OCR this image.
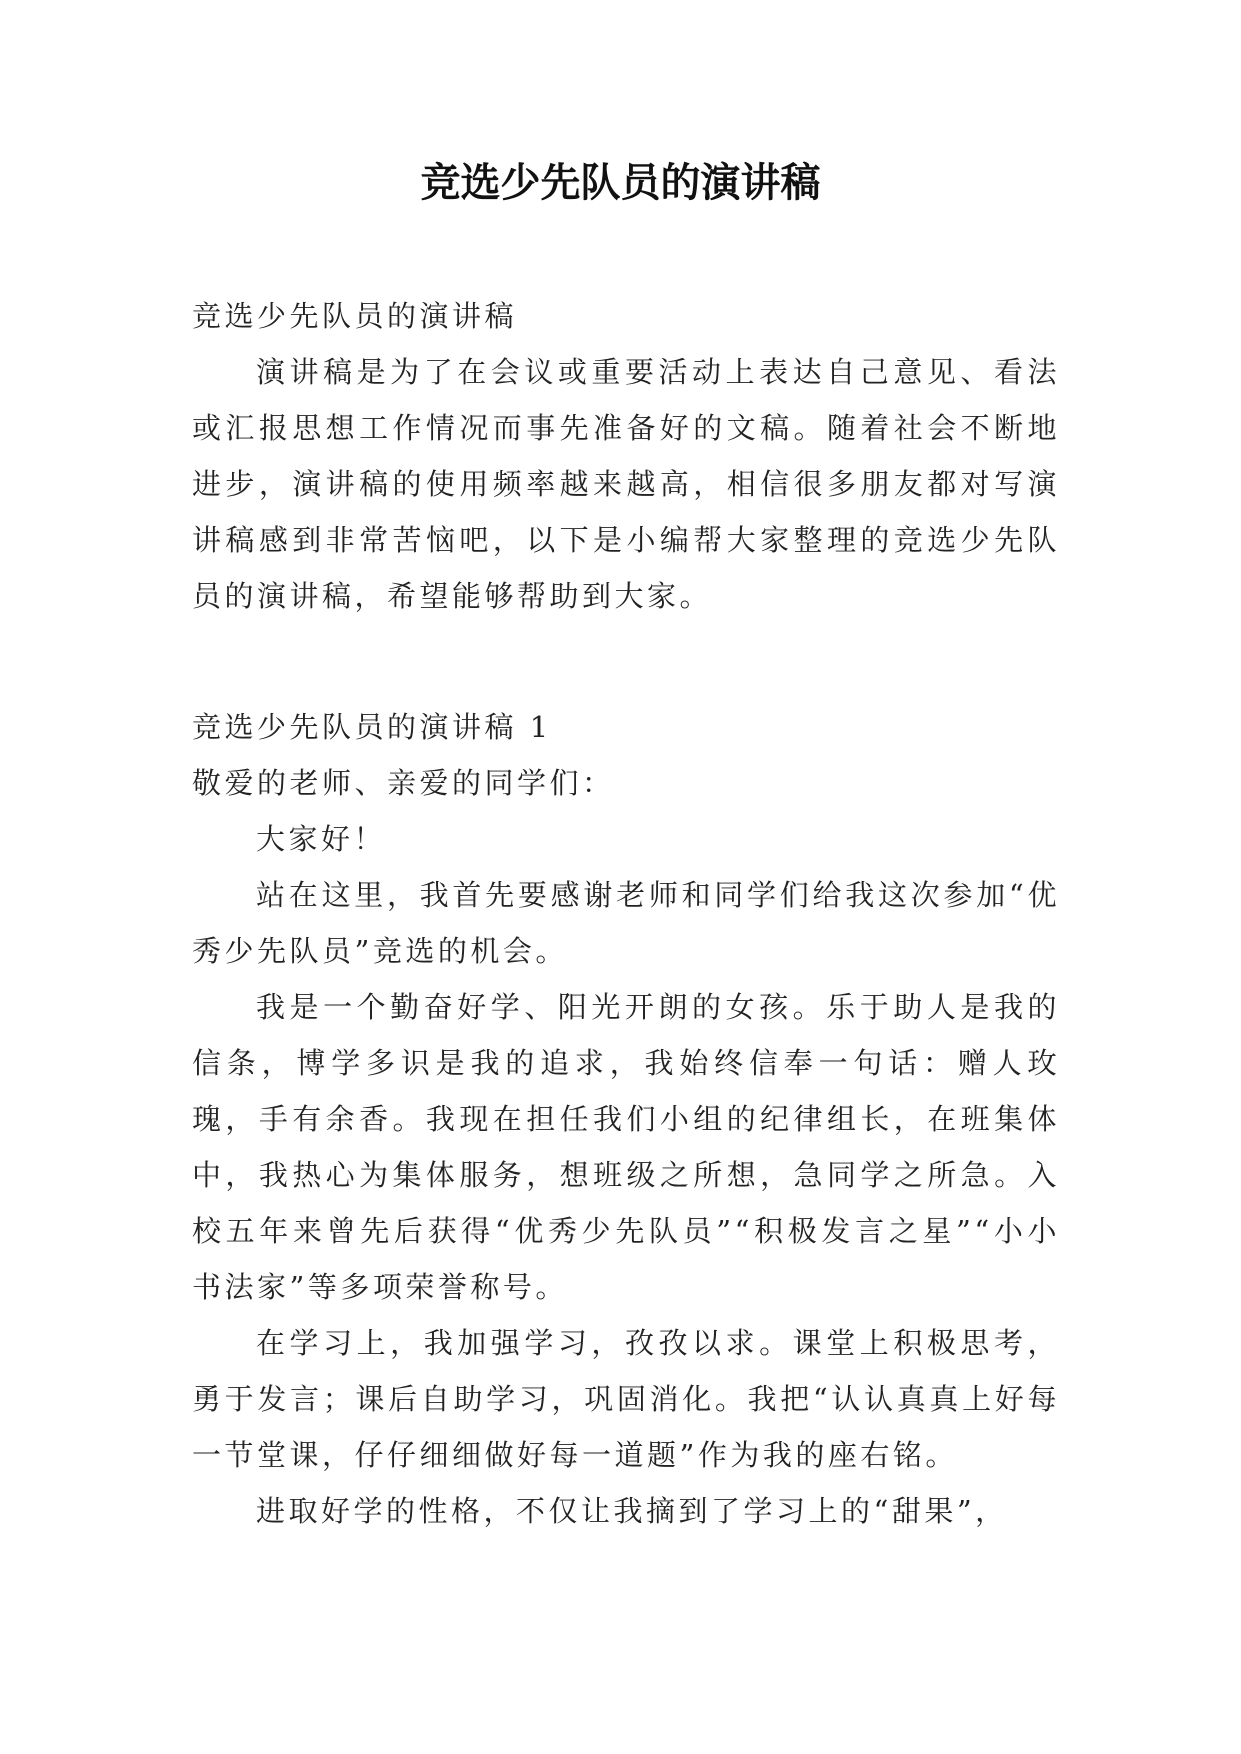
竞选少先队员的演讲稿

竞选少先队员的演讲稿

演讲稿是为了在会议或重要活动上表达自己意见、看法或汇报思想工作情况而事先准备好的文稿。随着社会不断地进步，演讲稿的使用频率越来越高，相信很多朋友都对写演讲稿感到非常苦恼吧，以下是小编帮大家整理的竞选少先队员的演讲稿，希望能够帮助到大家。

竞选少先队员的演讲稿 1

敬爱的老师、亲爱的同学们：

大家好！

站在这里，我首先要感谢老师和同学们给我这次参加“优秀少先队员”竞选的机会。

我是一个勤奋好学、阳光开朗的女孩。乐于助人是我的信条，博学多识是我的追求，我始终信奉一句话：赠人玫瑰，手有余香。我现在担任我们小组的纪律组长，在班集体中，我热心为集体服务，想班级之所想，急同学之所急。入校五年来曾先后获得“优秀少先队员”“积极发言之星”“小小书法家”等多项荣誉称号。

在学习上，我加强学习，孜孜以求。课堂上积极思考，勇于发言；课后自助学习，巩固消化。我把“认认真真上好每一节堂课，仔仔细细做好每一道题”作为我的座右铭。

进取好学的性格，不仅让我摘到了学习上的“甜果”，
